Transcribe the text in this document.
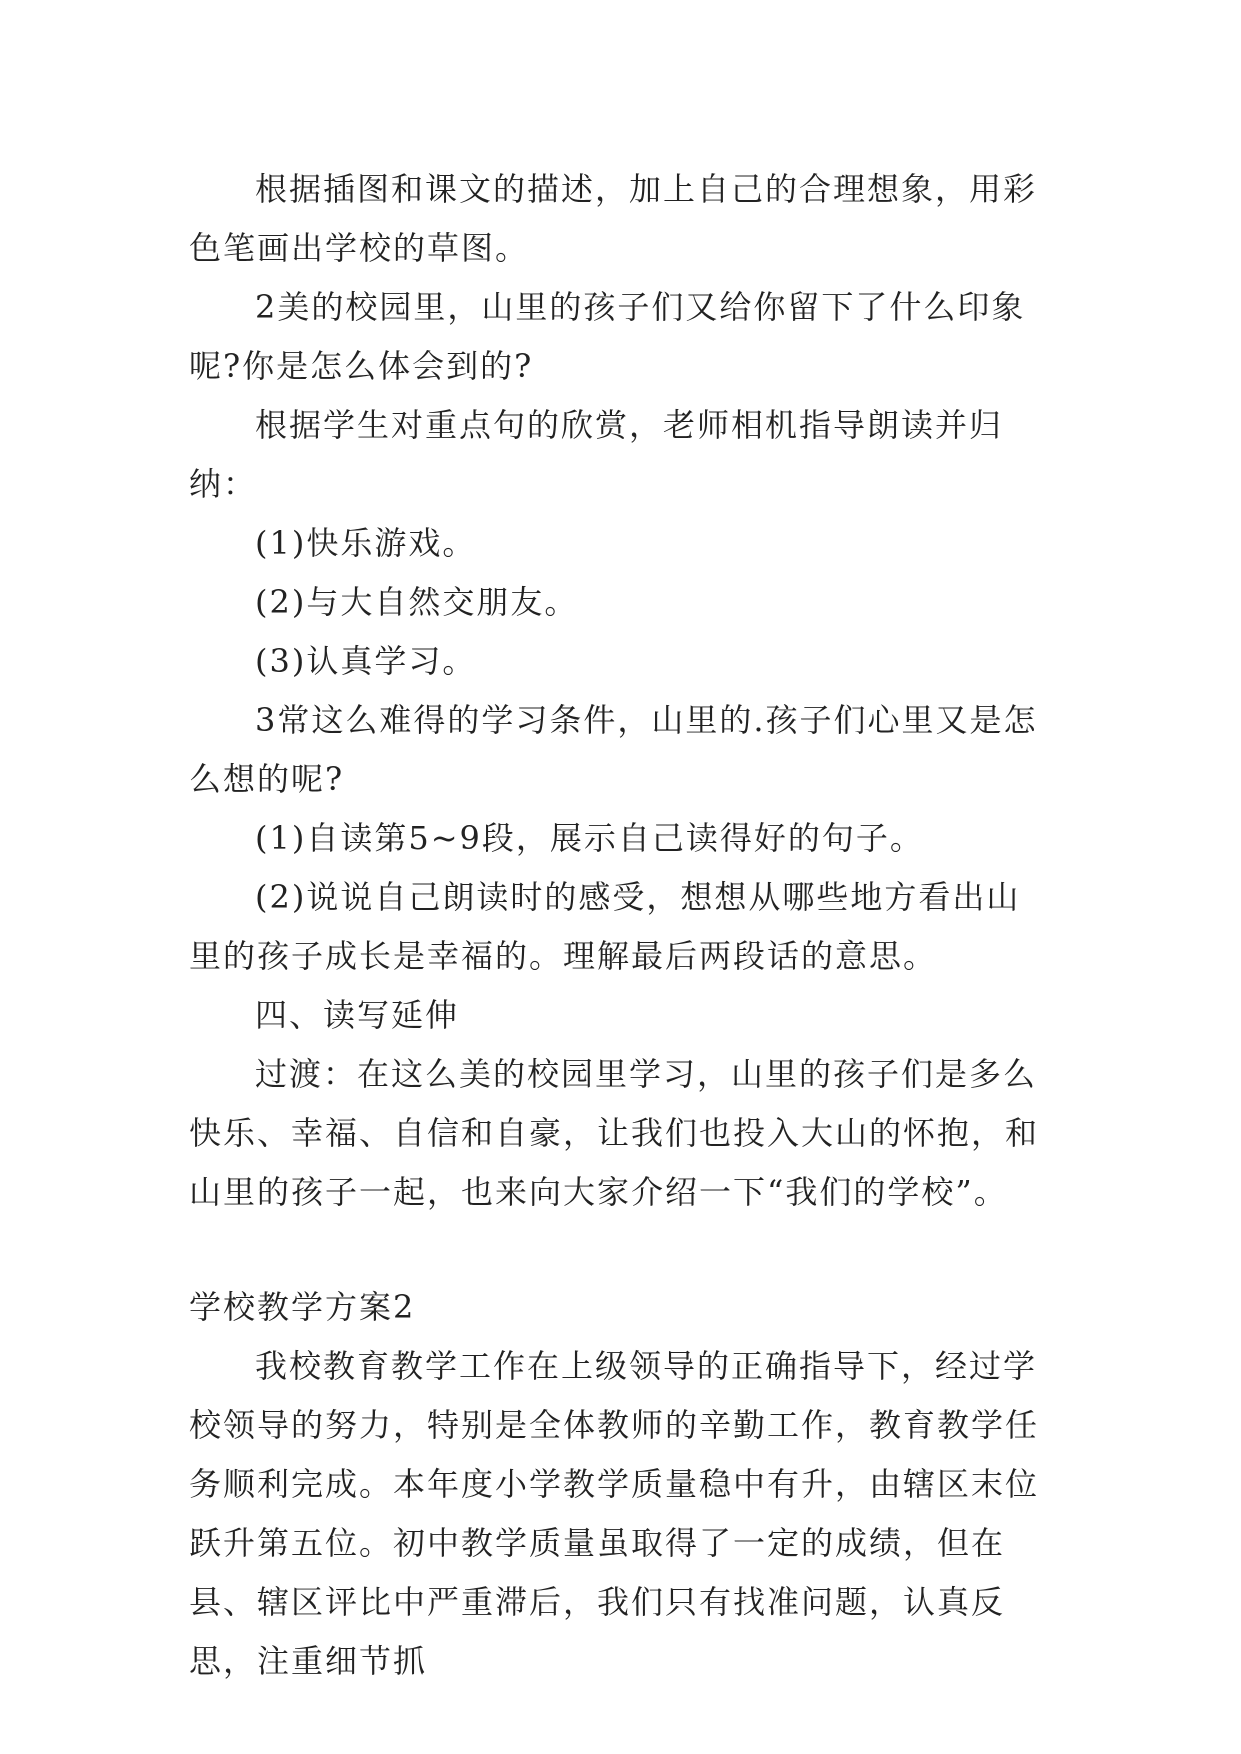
根据插图和课文的描述，加上自己的合理想象，用彩色笔画出学校的草图。

2美的校园里，山里的孩子们又给你留下了什么印象呢?你是怎么体会到的?

根据学生对重点句的欣赏，老师相机指导朗读并归纳：

(1)快乐游戏。

(2)与大自然交朋友。

(3)认真学习。

3常这么难得的学习条件，山里的.孩子们心里又是怎么想的呢?

(1)自读第5~9段，展示自己读得好的句子。

(2)说说自己朗读时的感受，想想从哪些地方看出山里的孩子成长是幸福的。理解最后两段话的意思。

四、读写延伸

过渡：在这么美的校园里学习，山里的孩子们是多么快乐、幸福、自信和自豪，让我们也投入大山的怀抱，和山里的孩子一起，也来向大家介绍一下“我们的学校”。

学校教学方案2

我校教育教学工作在上级领导的正确指导下，经过学校领导的努力，特别是全体教师的辛勤工作，教育教学任务顺利完成。本年度小学教学质量稳中有升，由辖区末位跃升第五位。初中教学质量虽取得了一定的成绩，但在县、辖区评比中严重滞后，我们只有找准问题，认真反思，注重细节抓
